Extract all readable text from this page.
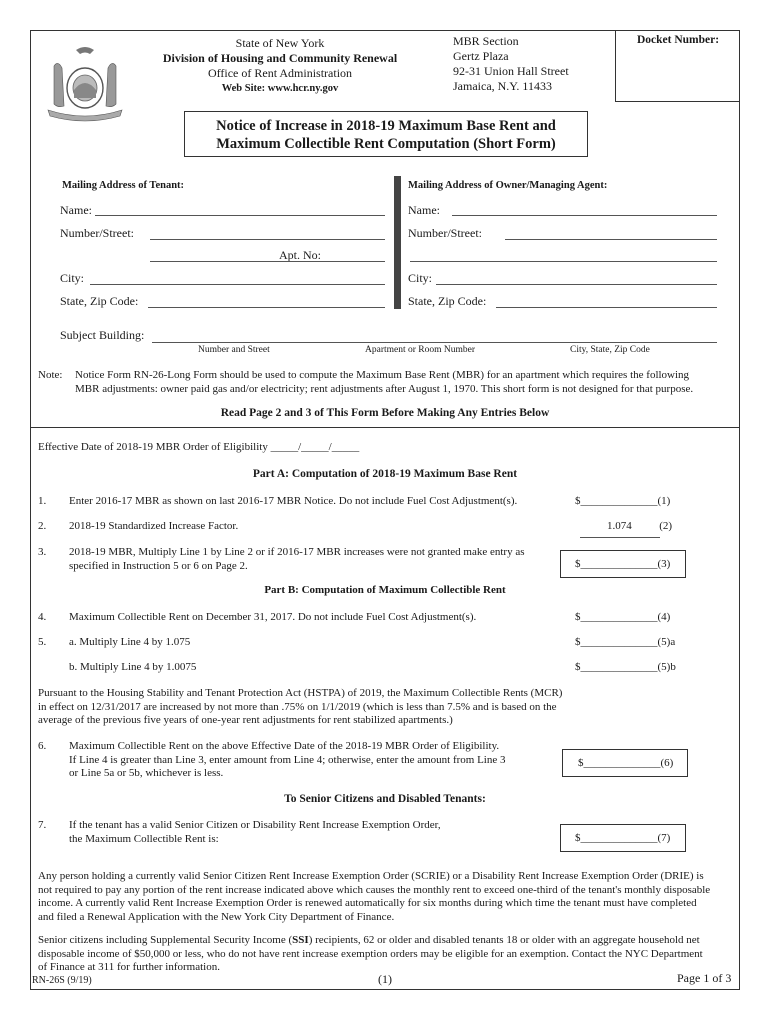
Docket Number:
State of New York
Division of Housing and Community Renewal
Office of Rent Administration
Web Site: www.hcr.ny.gov
MBR Section
Gertz Plaza
92-31 Union Hall Street
Jamaica, N.Y. 11433
Notice of Increase in 2018-19 Maximum Base Rent and
Maximum Collectible Rent Computation (Short Form)
Mailing Address of Tenant:
Name:
Number/Street:
Apt. No:
City:
State, Zip Code:
Mailing Address of Owner/Managing Agent:
Name:
Number/Street:
City:
State, Zip Code:
Subject Building:
Number and Street	Apartment or Room Number	City, State, Zip Code
Note: Notice Form RN-26-Long Form should be used to compute the Maximum Base Rent (MBR) for an apartment which requires the following
MBR adjustments: owner paid gas and/or electricity; rent adjustments after August 1, 1970. This short form is not designed for that purpose.
Read Page 2 and 3 of This Form Before Making Any Entries Below
Effective Date of 2018-19 MBR Order of Eligibility _____/_____/_____
Part A: Computation of 2018-19 Maximum Base Rent
1. Enter 2016-17 MBR as shown on last 2016-17 MBR Notice. Do not include Fuel Cost Adjustment(s).	$______________(1)
2. 2018-19 Standardized Increase Factor.	1.074          (2)
3. 2018-19 MBR, Multiply Line 1 by Line 2 or if 2016-17 MBR increases were not granted make entry as
specified in Instruction 5 or 6 on Page 2.	$______________(3)
Part B: Computation of Maximum Collectible Rent
4. Maximum Collectible Rent on December 31, 2017. Do not include Fuel Cost Adjustment(s).	$______________(4)
5. a. Multiply Line 4 by 1.075	$______________(5)a
b. Multiply Line 4 by 1.0075	$______________(5)b
Pursuant to the Housing Stability and Tenant Protection Act (HSTPA) of 2019, the Maximum Collectible Rents (MCR)
in effect on 12/31/2017 are increased by not more than .75% on 1/1/2019 (which is less than 7.5% and is based on the
average of the previous five years of one-year rent adjustments for rent stabilized apartments.)
6. Maximum Collectible Rent on the above Effective Date of the 2018-19 MBR Order of Eligibility.
If Line 4 is greater than Line 3, enter amount from Line 4; otherwise, enter the amount from Line 3
or Line 5a or 5b, whichever is less.
$______________(6)
To Senior Citizens and Disabled Tenants:
7. If the tenant has a valid Senior Citizen or Disability Rent Increase Exemption Order,
the Maximum Collectible Rent is:	$______________(7)
Any person holding a currently valid Senior Citizen Rent Increase Exemption Order (SCRIE) or a Disability Rent Increase Exemption Order (DRIE) is
not required to pay any portion of the rent increase indicated above which causes the monthly rent to exceed one-third of the tenant's monthly disposable
income. A currently valid Rent Increase Exemption Order is renewed automatically for six months during which time the tenant must have completed
and filed a Renewal Application with the New York City Department of Finance.
Senior citizens including Supplemental Security Income (SSI) recipients, 62 or older and disabled tenants 18 or older with an aggregate household net
disposable income of $50,000 or less, who do not have rent increase exemption orders may be eligible for an exemption. Contact the NYC Department
of Finance at 311 for further information.
RN-26S (9/19)	(1)	Page 1 of 3
